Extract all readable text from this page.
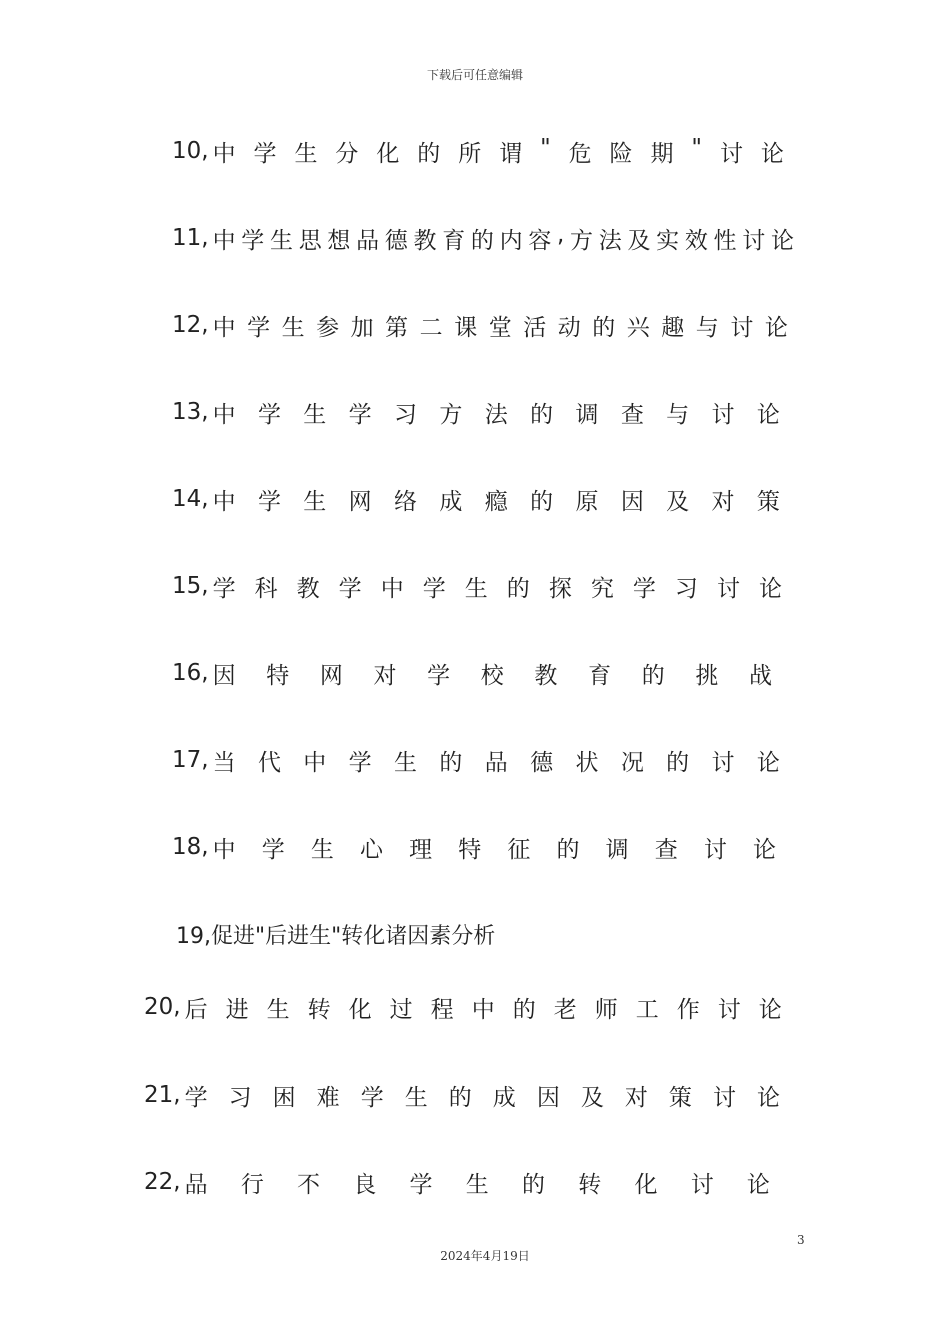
下载后可任意编辑
10, 中 学 生 分 化 的 所 谓 " 危 险 期 " 讨 论
11, 中 学 生 思 想 品 德 教 育 的 内 容 , 方 法 及 实 效 性 讨 论
12, 中 学 生 参 加 第 二 课 堂 活 动 的 兴 趣 与 讨 论
13, 中 学 生 学 习 方 法 的 调 查 与 讨 论
14, 中 学 生 网 络 成 瘾 的 原 因 及 对 策
15, 学 科 教 学 中 学 生 的 探 究 学 习 讨 论
16, 因 特 网 对 学 校 教 育 的 挑 战
17, 当 代 中 学 生 的 品 德 状 况 的 讨 论
18, 中 学 生 心 理 特 征 的 调 查 讨 论
19,促进"后进生"转化诸因素分析
20, 后 进 生 转 化 过 程 中 的 老 师 工 作 讨 论
21, 学 习 困 难 学 生 的 成 因 及 对 策 讨 论
22, 品 行 不 良 学 生 的 转 化 讨 论
3
2024年4月19日
